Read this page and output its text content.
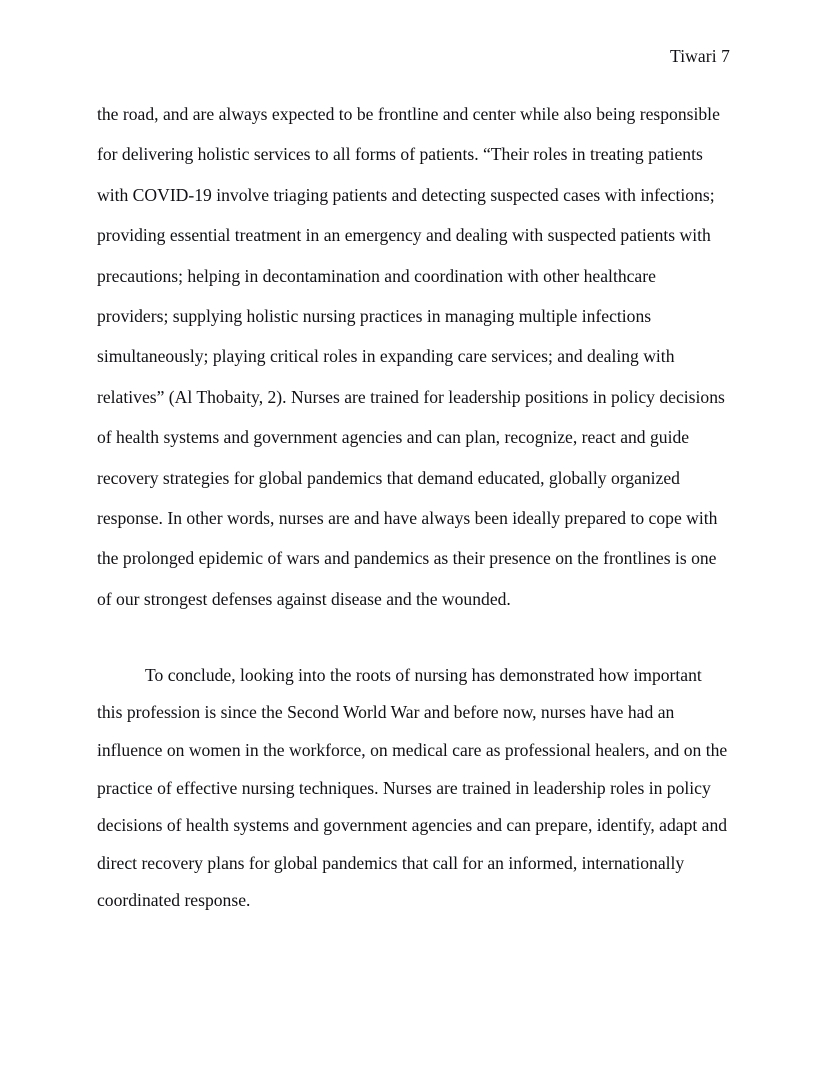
Tiwari 7

the road, and are always expected to be frontline and center while also being responsible for delivering holistic services to all forms of patients. “Their roles in treating patients with COVID-19 involve triaging patients and detecting suspected cases with infections; providing essential treatment in an emergency and dealing with suspected patients with precautions; helping in decontamination and coordination with other healthcare providers; supplying holistic nursing practices in managing multiple infections simultaneously; playing critical roles in expanding care services; and dealing with relatives” (Al Thobaity, 2). Nurses are trained for leadership positions in policy decisions of health systems and government agencies and can plan, recognize, react and guide recovery strategies for global pandemics that demand educated, globally organized response. In other words, nurses are and have always been ideally prepared to cope with the prolonged epidemic of wars and pandemics as their presence on the frontlines is one of our strongest defenses against disease and the wounded.

To conclude, looking into the roots of nursing has demonstrated how important this profession is since the Second World War and before now, nurses have had an influence on women in the workforce, on medical care as professional healers, and on the practice of effective nursing techniques. Nurses are trained in leadership roles in policy decisions of health systems and government agencies and can prepare, identify, adapt and direct recovery plans for global pandemics that call for an informed, internationally coordinated response.
